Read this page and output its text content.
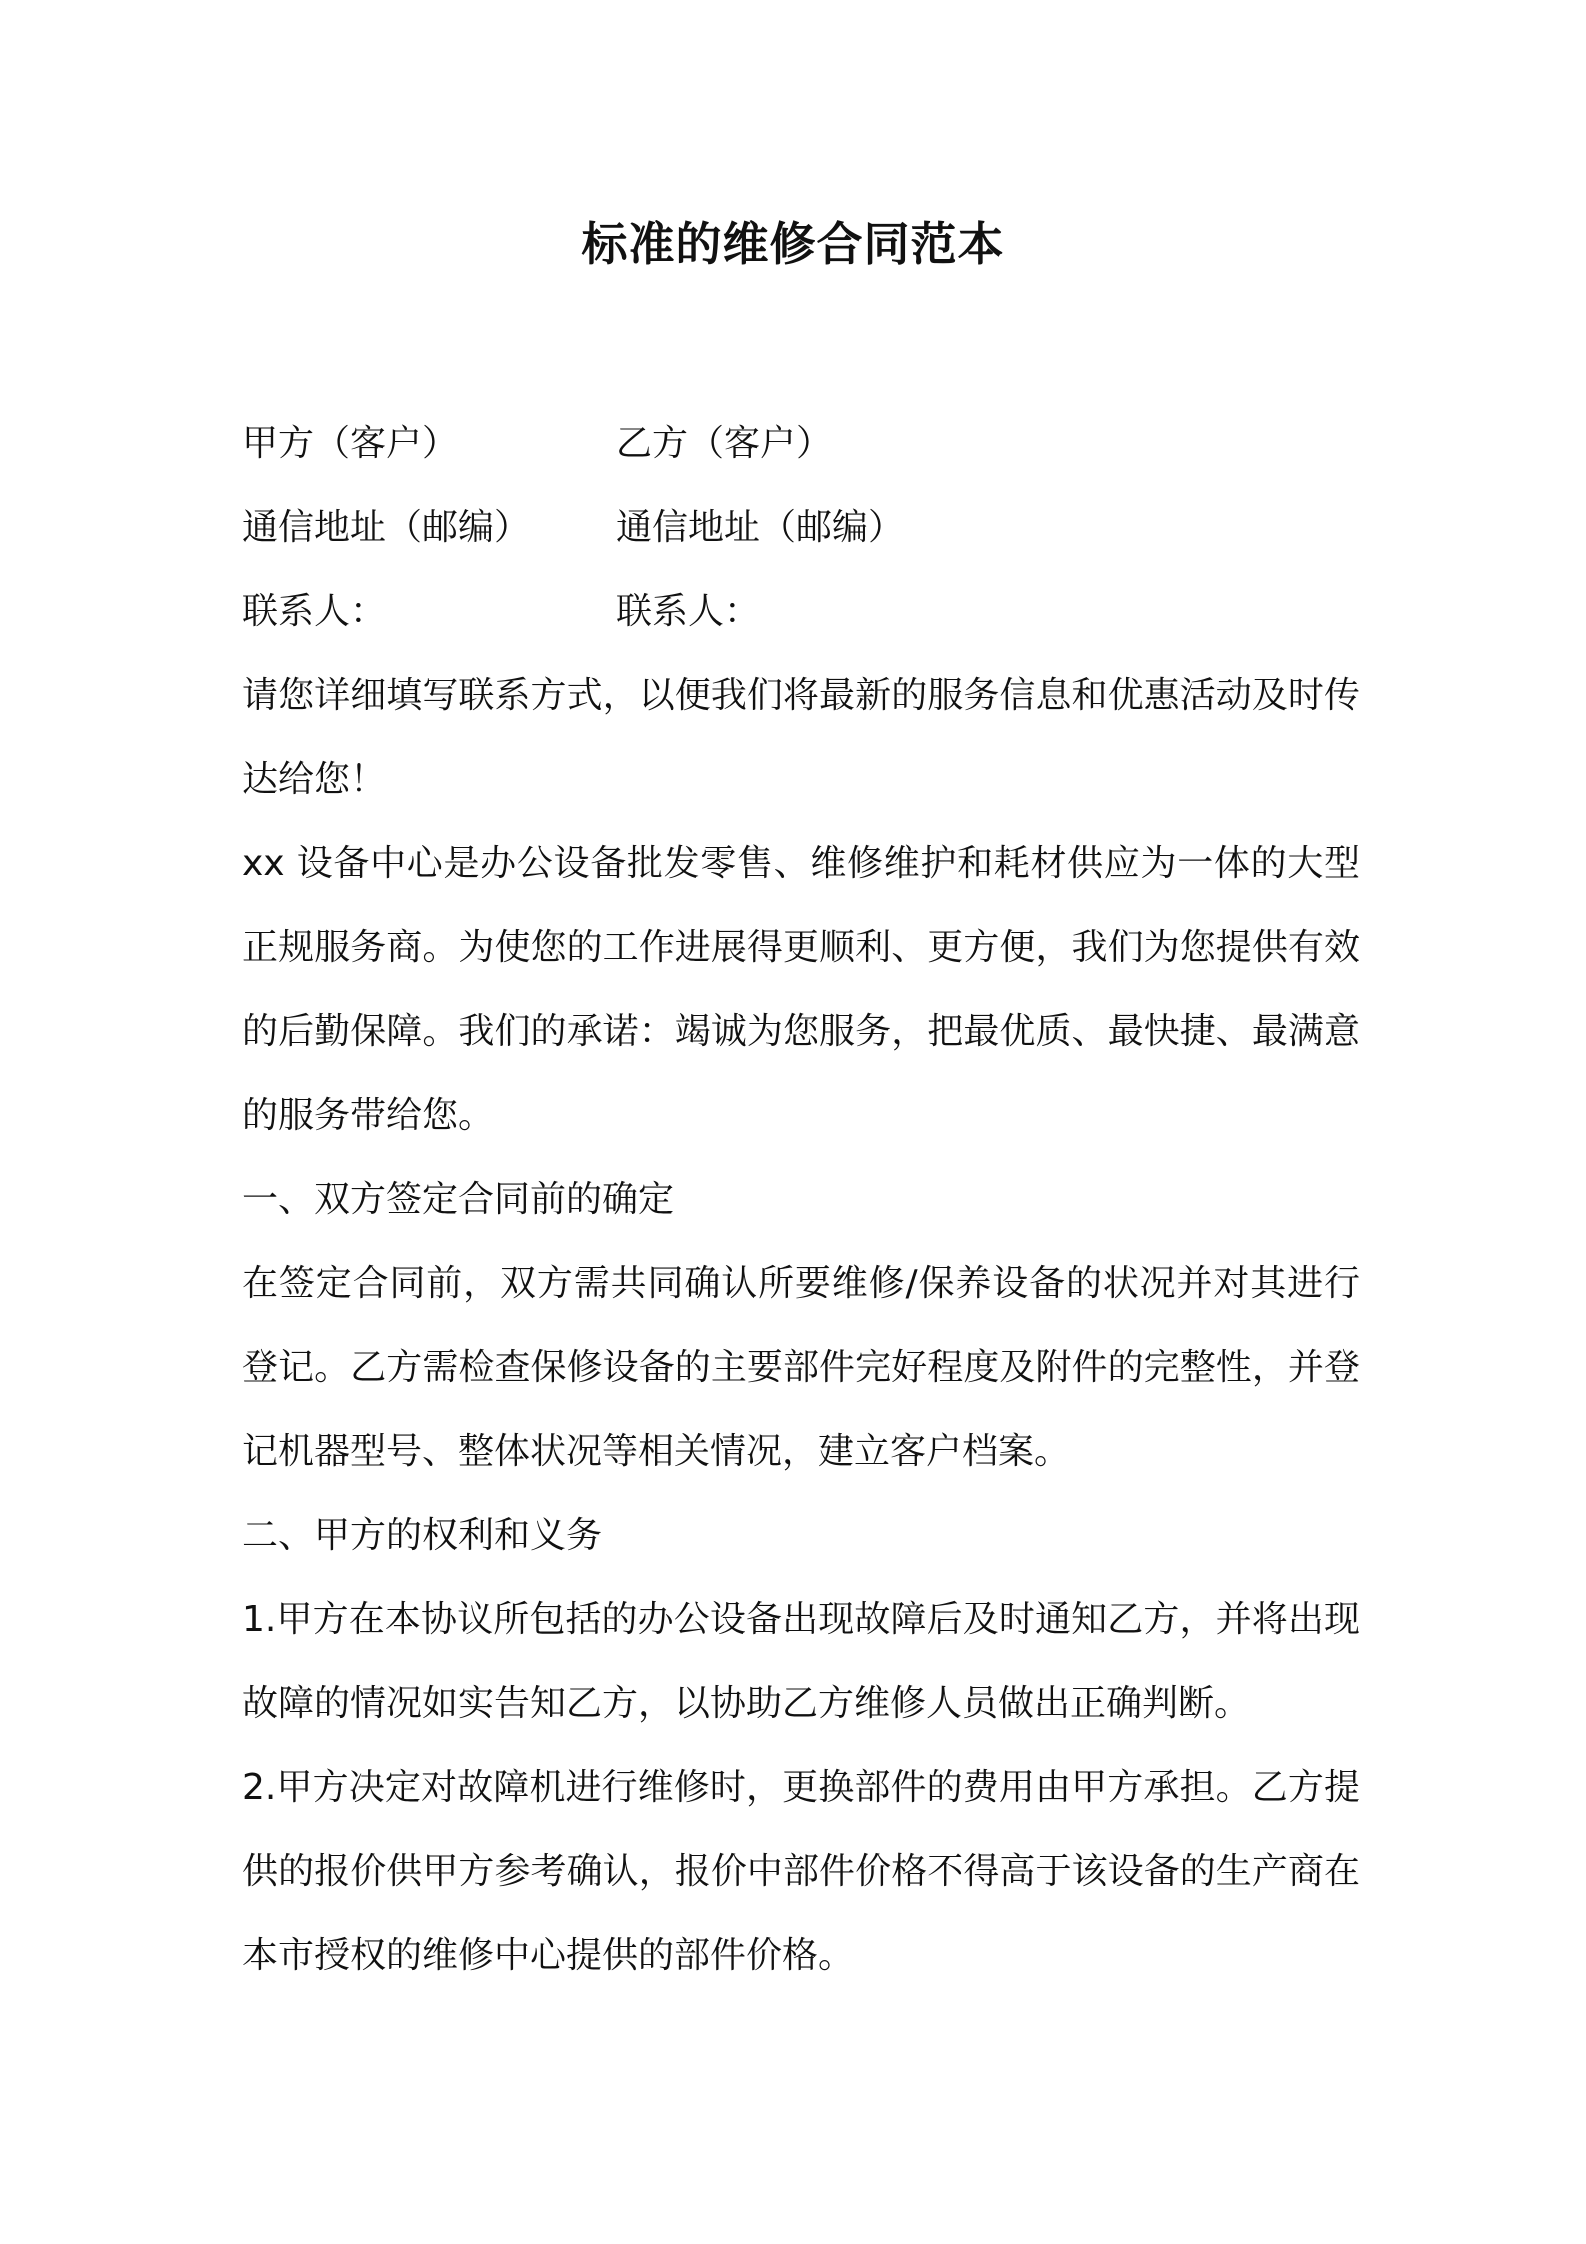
标准的维修合同范本
甲方（客户）	乙方（客户）
通信地址（邮编）	通信地址（邮编）
联系人：	联系人：

请您详细填写联系方式，以便我们将最新的服务信息和优惠活动及时传达给您！

xx 设备中心是办公设备批发零售、维修维护和耗材供应为一体的大型正规服务商。为使您的工作进展得更顺利、更方便，我们为您提供有效的后勤保障。我们的承诺：竭诚为您服务，把最优质、最快捷、最满意的服务带给您。

一、双方签定合同前的确定

在签定合同前，双方需共同确认所要维修/保养设备的状况并对其进行登记。乙方需检查保修设备的主要部件完好程度及附件的完整性，并登记机器型号、整体状况等相关情况，建立客户档案。

二、甲方的权利和义务

1.甲方在本协议所包括的办公设备出现故障后及时通知乙方，并将出现故障的情况如实告知乙方，以协助乙方维修人员做出正确判断。

2.甲方决定对故障机进行维修时，更换部件的费用由甲方承担。乙方提供的报价供甲方参考确认，报价中部件价格不得高于该设备的生产商在本市授权的维修中心提供的部件价格。
